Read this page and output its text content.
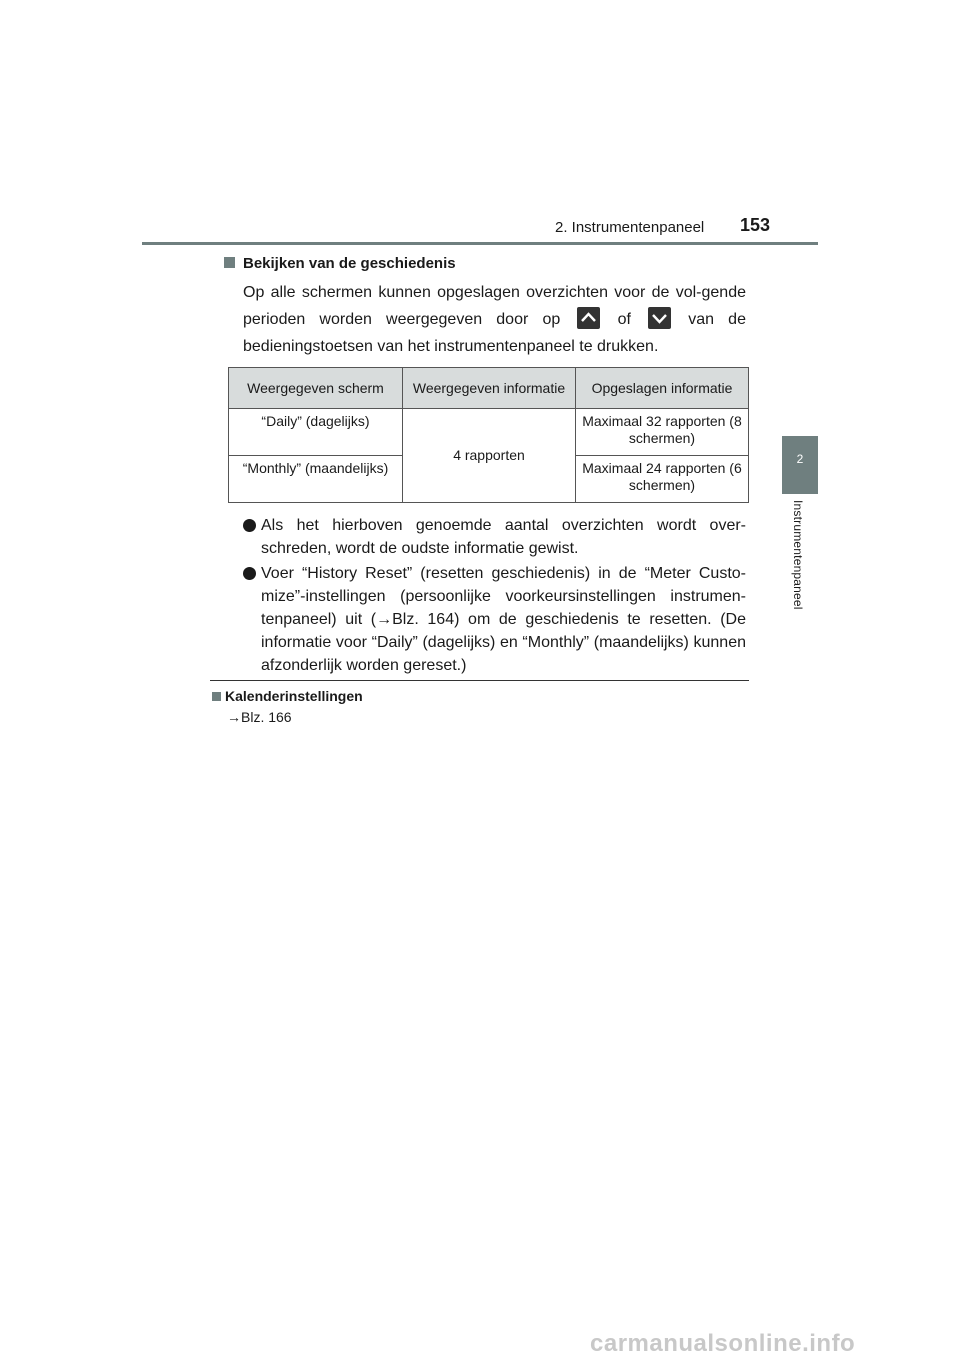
2. Instrumentenpaneel 153
2
Instrumentenpaneel
Bekijken van de geschiedenis
Op alle schermen kunnen opgeslagen overzichten voor de vol-gende perioden worden weergegeven door op	of	van de bedieningstoetsen van het instrumentenpaneel te drukken.
Weergegeven scherm	Weergegeven informatie	Opgeslagen informatie
“Daily” (dagelijks)	4 rapporten	Maximaal 32 rapporten (8 schermen)
“Monthly” (maandelijks)		Maximaal 24 rapporten (6 schermen)
Als het hierboven genoemde aantal overzichten wordt over-schreden, wordt de oudste informatie gewist.
Voer “History Reset” (resetten geschiedenis) in de “Meter Custo-mize”-instellingen (persoonlijke voorkeursinstellingen instrumen-tenpaneel) uit (→Blz. 164) om de geschiedenis te resetten. (De informatie voor “Daily” (dagelijks) en “Monthly” (maandelijks) kunnen afzonderlijk worden gereset.)
Kalenderinstellingen
→Blz. 166
carmanualsonline.info
